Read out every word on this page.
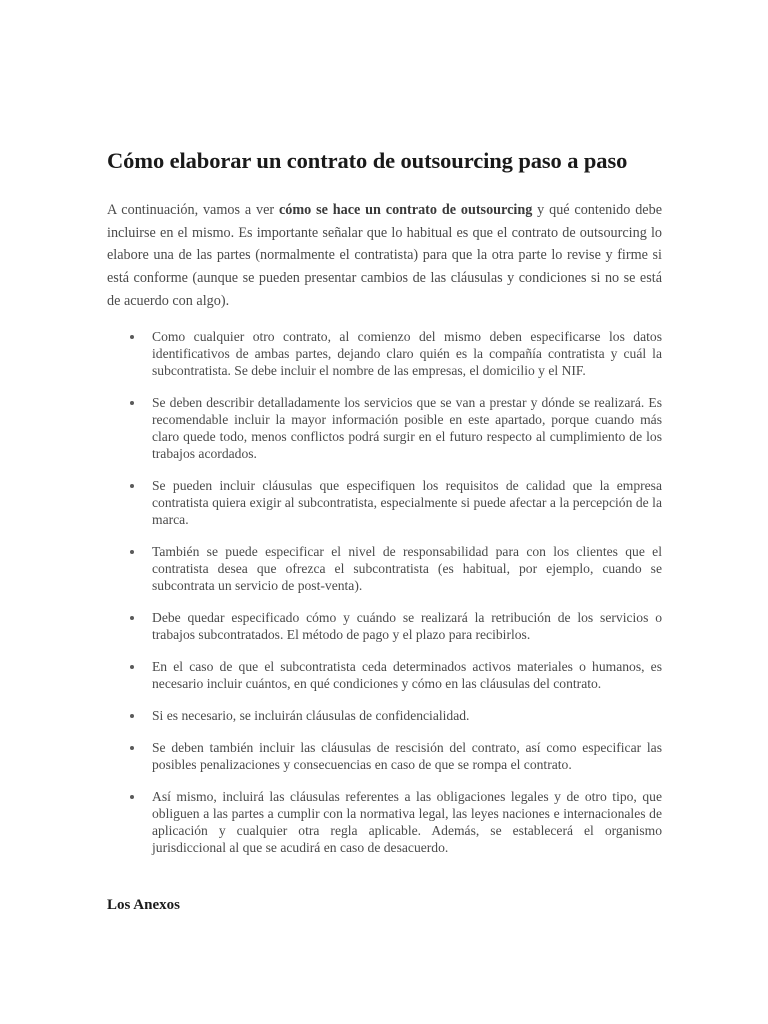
Cómo elaborar un contrato de outsourcing paso a paso

A continuación, vamos a ver cómo se hace un contrato de outsourcing y qué contenido debe incluirse en el mismo. Es importante señalar que lo habitual es que el contrato de outsourcing lo elabore una de las partes (normalmente el contratista) para que la otra parte lo revise y firme si está conforme (aunque se pueden presentar cambios de las cláusulas y condiciones si no se está de acuerdo con algo).

Como cualquier otro contrato, al comienzo del mismo deben especificarse los datos identificativos de ambas partes, dejando claro quién es la compañía contratista y cuál la subcontratista. Se debe incluir el nombre de las empresas, el domicilio y el NIF.
Se deben describir detalladamente los servicios que se van a prestar y dónde se realizará. Es recomendable incluir la mayor información posible en este apartado, porque cuando más claro quede todo, menos conflictos podrá surgir en el futuro respecto al cumplimiento de los trabajos acordados.
Se pueden incluir cláusulas que especifiquen los requisitos de calidad que la empresa contratista quiera exigir al subcontratista, especialmente si puede afectar a la percepción de la marca.
También se puede especificar el nivel de responsabilidad para con los clientes que el contratista desea que ofrezca el subcontratista (es habitual, por ejemplo, cuando se subcontrata un servicio de post-venta).
Debe quedar especificado cómo y cuándo se realizará la retribución de los servicios o trabajos subcontratados. El método de pago y el plazo para recibirlos.
En el caso de que el subcontratista ceda determinados activos materiales o humanos, es necesario incluir cuántos, en qué condiciones y cómo en las cláusulas del contrato.
Si es necesario, se incluirán cláusulas de confidencialidad.
Se deben también incluir las cláusulas de rescisión del contrato, así como especificar las posibles penalizaciones y consecuencias en caso de que se rompa el contrato.
Así mismo, incluirá las cláusulas referentes a las obligaciones legales y de otro tipo, que obliguen a las partes a cumplir con la normativa legal, las leyes naciones e internacionales de aplicación y cualquier otra regla aplicable. Además, se establecerá el organismo jurisdiccional al que se acudirá en caso de desacuerdo.
Los Anexos
